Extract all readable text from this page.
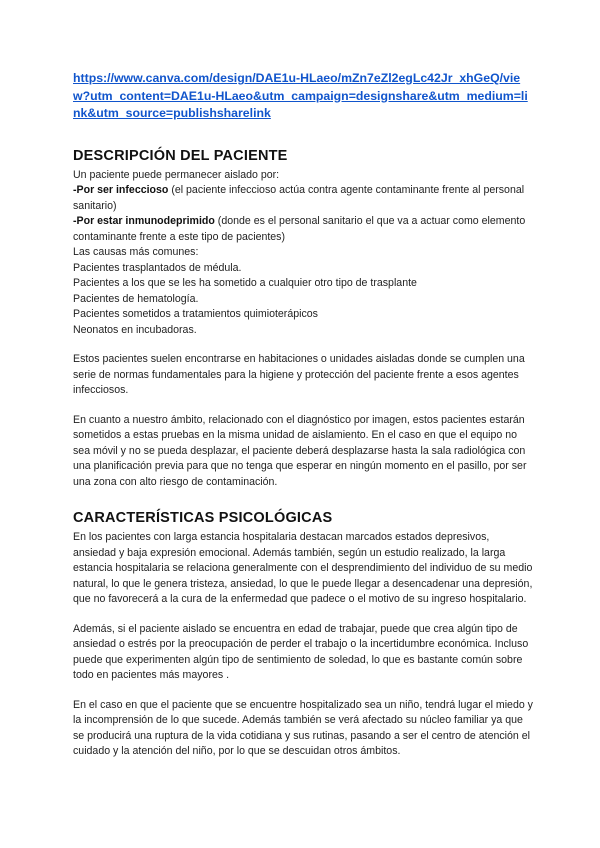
https://www.canva.com/design/DAE1u-HLaeo/mZn7eZl2egLc42Jr_xhGeQ/view?utm_content=DAE1u-HLaeo&utm_campaign=designshare&utm_medium=link&utm_source=publishsharelink
DESCRIPCIÓN DEL PACIENTE

Un paciente puede permanecer aislado por:

-Por ser infeccioso (el paciente infeccioso actúa contra agente contaminante frente al personal sanitario)

-Por estar inmunodeprimido (donde es el personal sanitario el que va a actuar como elemento contaminante frente a este tipo de pacientes)

Las causas más comunes:

Pacientes trasplantados de médula.

Pacientes a los que se les ha sometido a cualquier otro tipo de trasplante

Pacientes de hematología.

Pacientes sometidos a tratamientos quimioterápicos

Neonatos en incubadoras.

Estos pacientes suelen encontrarse en habitaciones o unidades aisladas donde se cumplen una serie de normas fundamentales para la higiene y protección del paciente frente a esos agentes infecciosos.

En cuanto a nuestro ámbito, relacionado con el diagnóstico por imagen, estos pacientes estarán sometidos a estas pruebas en la misma unidad de aislamiento. En el caso en que el equipo no sea móvil y no se pueda desplazar, el paciente deberá desplazarse hasta la sala radiológica con una planificación previa para que no tenga que esperar en ningún momento en el pasillo, por ser una zona con alto riesgo de contaminación.

CARACTERÍSTICAS PSICOLÓGICAS

En los pacientes con larga estancia hospitalaria destacan marcados estados depresivos, ansiedad y baja expresión emocional. Además también, según un estudio realizado, la larga estancia hospitalaria se relaciona generalmente con el desprendimiento del individuo de su medio natural, lo que le genera tristeza, ansiedad, lo que le puede llegar a desencadenar una depresión, que no favorecerá a la cura de la enfermedad que padece o el motivo de su ingreso hospitalario.

Además, si el paciente aislado se encuentra en edad de trabajar, puede que crea algún tipo de ansiedad o estrés por la preocupación de perder el trabajo o la incertidumbre económica. Incluso puede que experimenten algún tipo de sentimiento de soledad, lo que es bastante común sobre todo en pacientes más mayores .

En el caso en que el paciente que se encuentre hospitalizado sea un niño, tendrá lugar el miedo y la incomprensión de lo que sucede. Además también se verá afectado su núcleo familiar ya que se producirá una ruptura de la vida cotidiana y sus rutinas, pasando a ser el centro de atención el cuidado y la atención del niño, por lo que se descuidan otros ámbitos.
